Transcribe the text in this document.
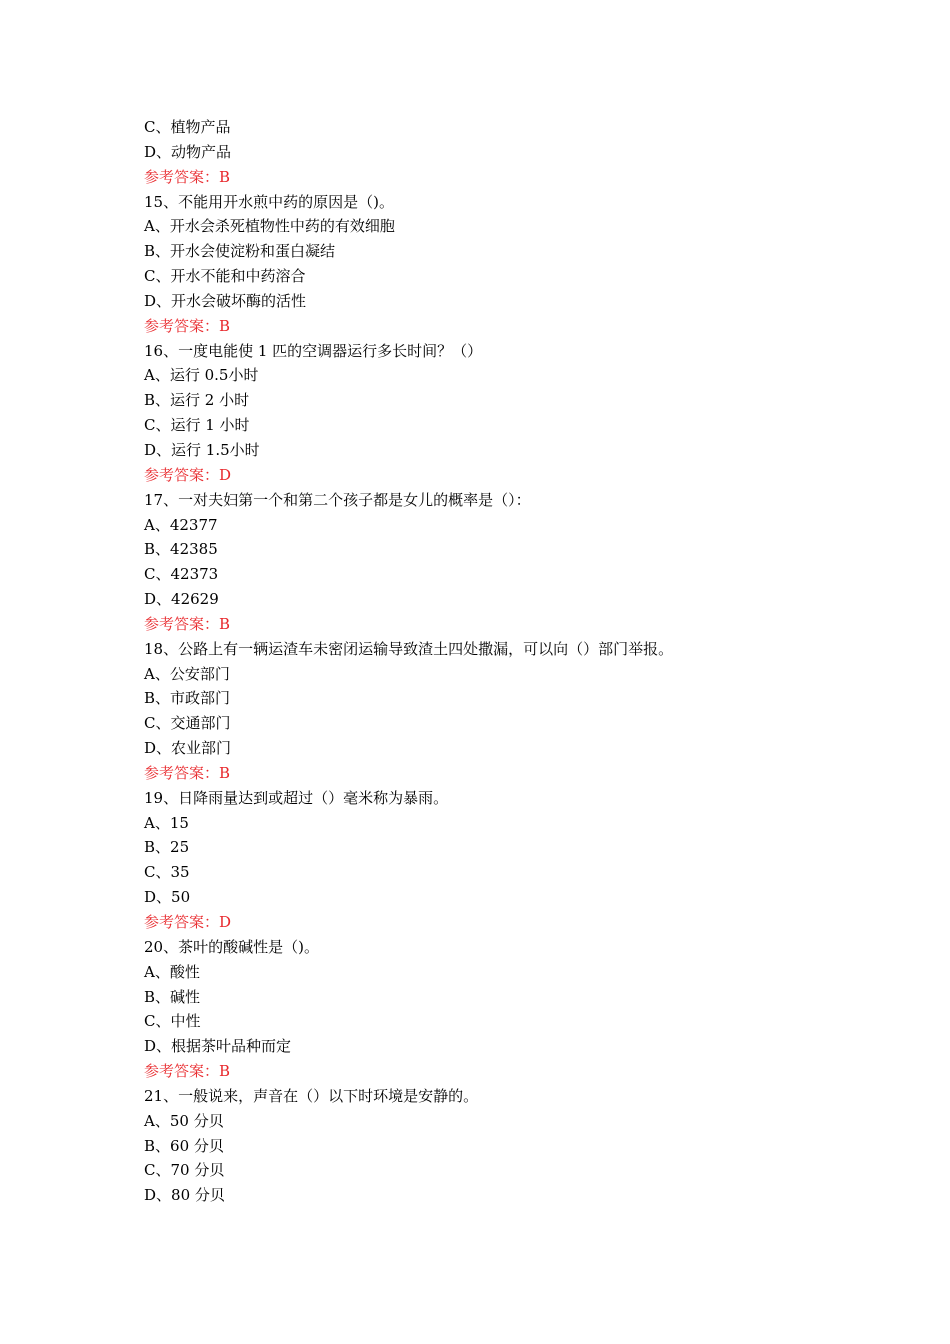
C、植物产品
D、动物产品
参考答案：B
15、不能用开水煎中药的原因是（)。
A、开水会杀死植物性中药的有效细胞
B、开水会使淀粉和蛋白凝结
C、开水不能和中药溶合
D、开水会破坏酶的活性
参考答案：B
16、一度电能使 1 匹的空调器运行多长时间？（）
A、运行 0.5小时
B、运行 2 小时
C、运行 1 小时
D、运行 1.5小时
参考答案：D
17、一对夫妇第一个和第二个孩子都是女儿的概率是（）：
A、42377
B、42385
C、42373
D、42629
参考答案：B
18、公路上有一辆运渣车未密闭运输导致渣土四处撒漏，可以向（）部门举报。
A、公安部门
B、市政部门
C、交通部门
D、农业部门
参考答案：B
19、日降雨量达到或超过（）毫米称为暴雨。
A、15
B、25
C、35
D、50
参考答案：D
20、茶叶的酸碱性是（)。
A、酸性
B、碱性
C、中性
D、根据茶叶品种而定
参考答案：B
21、一般说来，声音在（）以下时环境是安静的。
A、50 分贝
B、60 分贝
C、70 分贝
D、80 分贝
